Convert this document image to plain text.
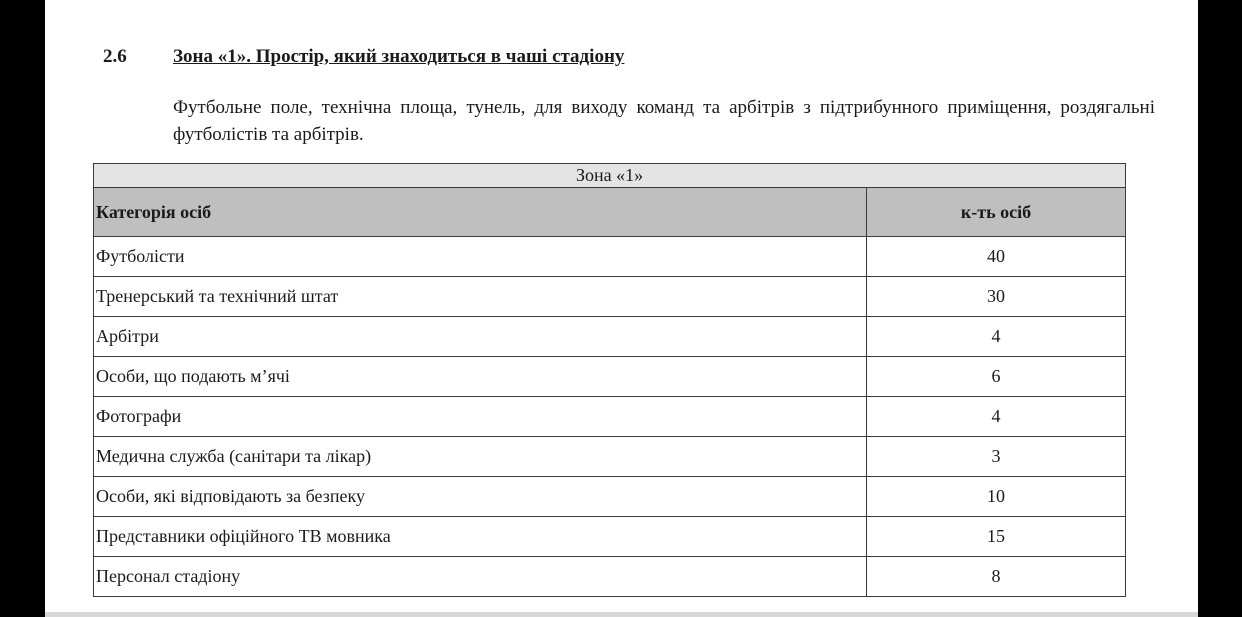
2.6 Зона «1». Простір, який знаходиться в чаші стадіону
Футбольне поле, технічна площа, тунель, для виходу команд та арбітрів з підтрибунного приміщення, роздягальні футболістів та арбітрів.
Зона «1»	
Категорія осіб	к-ть осіб
Футболісти	40
Тренерський та технічний штат	30
Арбітри	4
Особи, що подають м’ячі	6
Фотографи	4
Медична служба (санітари та лікар)	3
Особи, які відповідають за безпеку	10
Представники офіційного ТВ мовника	15
Персонал стадіону	8
